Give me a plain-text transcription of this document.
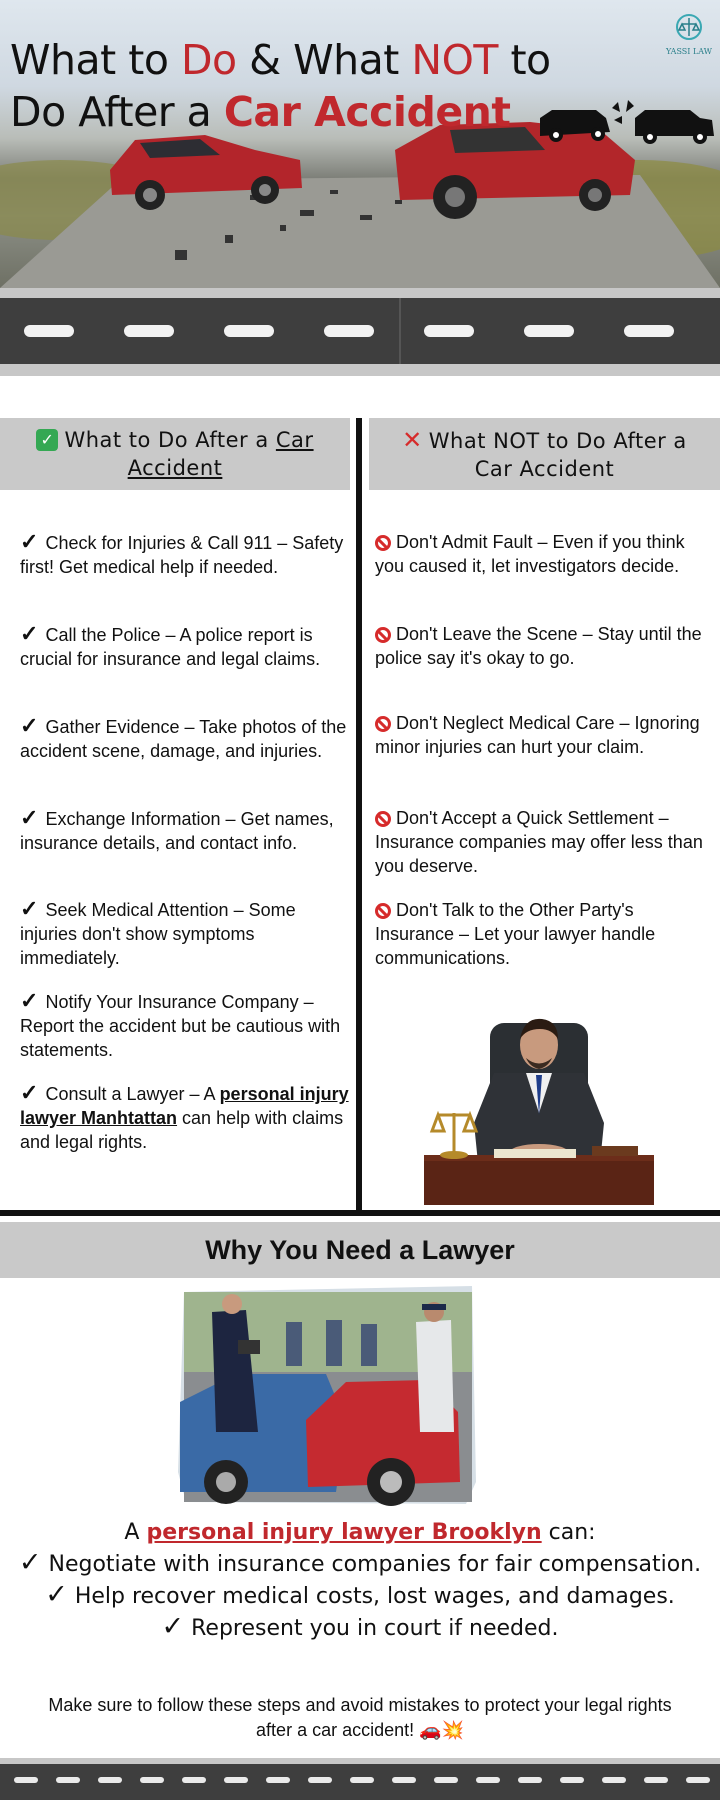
What to Do & What NOT to
Do After a Car Accident
YASSI LAW
✓ What to Do After a Car
Accident
✕ What NOT to Do After a
Car Accident
✓ Check for Injuries & Call 911 – Safety first! Get medical help if needed.
✓ Call the Police – A police report is crucial for insurance and legal claims.
✓ Gather Evidence – Take photos of the accident scene, damage, and injuries.
✓ Exchange Information – Get names, insurance details, and contact info.
✓ Seek Medical Attention – Some injuries don't show symptoms immediately.
✓ Notify Your Insurance Company – Report the accident but be cautious with statements.
✓ Consult a Lawyer – A personal injury lawyer Manhtattan can help with claims and legal rights.
Don't Admit Fault – Even if you think you caused it, let investigators decide.
Don't Leave the Scene – Stay until the police say it's okay to go.
Don't Neglect Medical Care – Ignoring minor injuries can hurt your claim.
Don't Accept a Quick Settlement – Insurance companies may offer less than you deserve.
Don't Talk to the Other Party's Insurance – Let your lawyer handle communications.
Why You Need a Lawyer
A personal injury lawyer Brooklyn can:
✓ Negotiate with insurance companies for fair compensation.
✓ Help recover medical costs, lost wages, and damages.
✓ Represent you in court if needed.
Make sure to follow these steps and avoid mistakes to protect your legal rights
after a car accident! 🚗💥
